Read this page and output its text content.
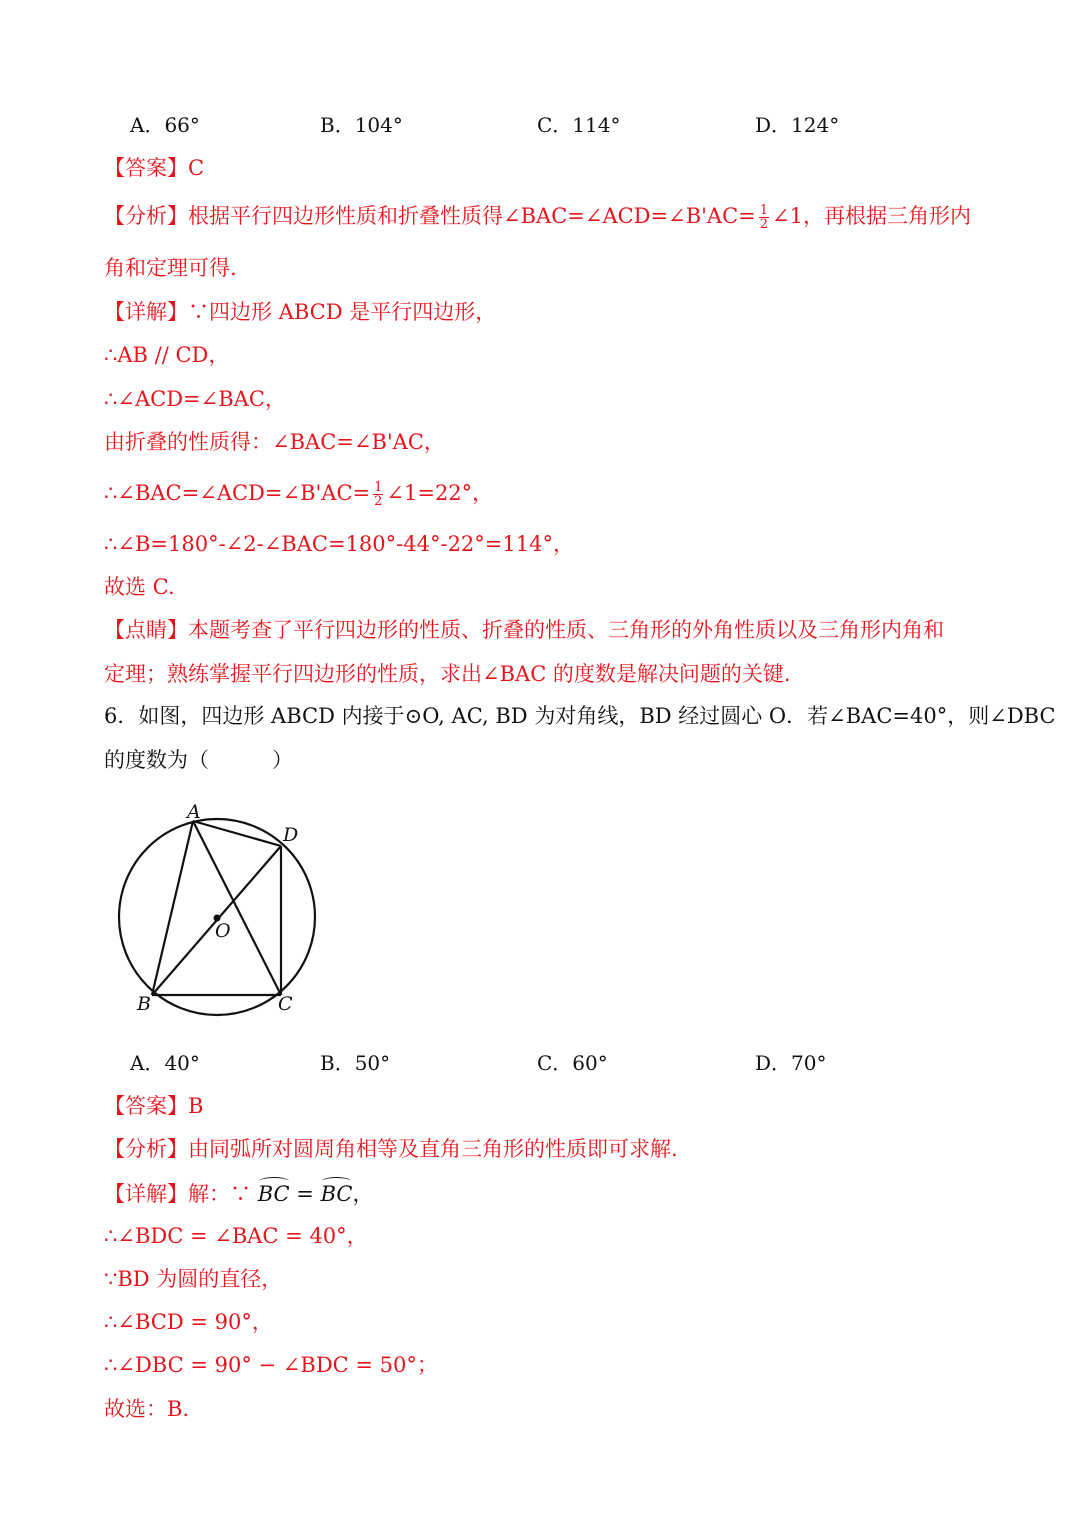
A．66°	B．104°	C．114°	D．124°
【答案】C
【分析】根据平行四边形性质和折叠性质得∠BAC=∠ACD=∠B'AC= $\frac{1}{2}$ ∠1，再根据三角形内
角和定理可得.
【详解】∵四边形 ABCD 是平行四边形，
∴AB // CD，
∴∠ACD=∠BAC，
由折叠的性质得：∠BAC=∠B'AC，
∴∠BAC=∠ACD=∠B'AC= $\frac{1}{2}$ ∠1=22°，
∴∠B=180°-∠2-∠BAC=180°-44°-22°=114°，
故选 C.
【点睛】本题考查了平行四边形的性质、折叠的性质、三角形的外角性质以及三角形内角和
定理；熟练掌握平行四边形的性质，求出∠BAC 的度数是解决问题的关键.
6．如图，四边形 ABCD 内接于⊙O, AC, BD 为对角线，BD 经过圆心 O．若∠BAC=40°，则∠DBC
的度数为（　　　）
A
D
O
B	C
A．40°	B．50°	C．60°	D．70°
【答案】B
【分析】由同弧所对圆周角相等及直角三角形的性质即可求解.
【详解】解：∵ BC = BC，
∴∠BDC = ∠BAC = 40°，
∵BD 为圆的直径，
∴∠BCD = 90°，
∴∠DBC = 90° − ∠BDC = 50°；
故选：B.
